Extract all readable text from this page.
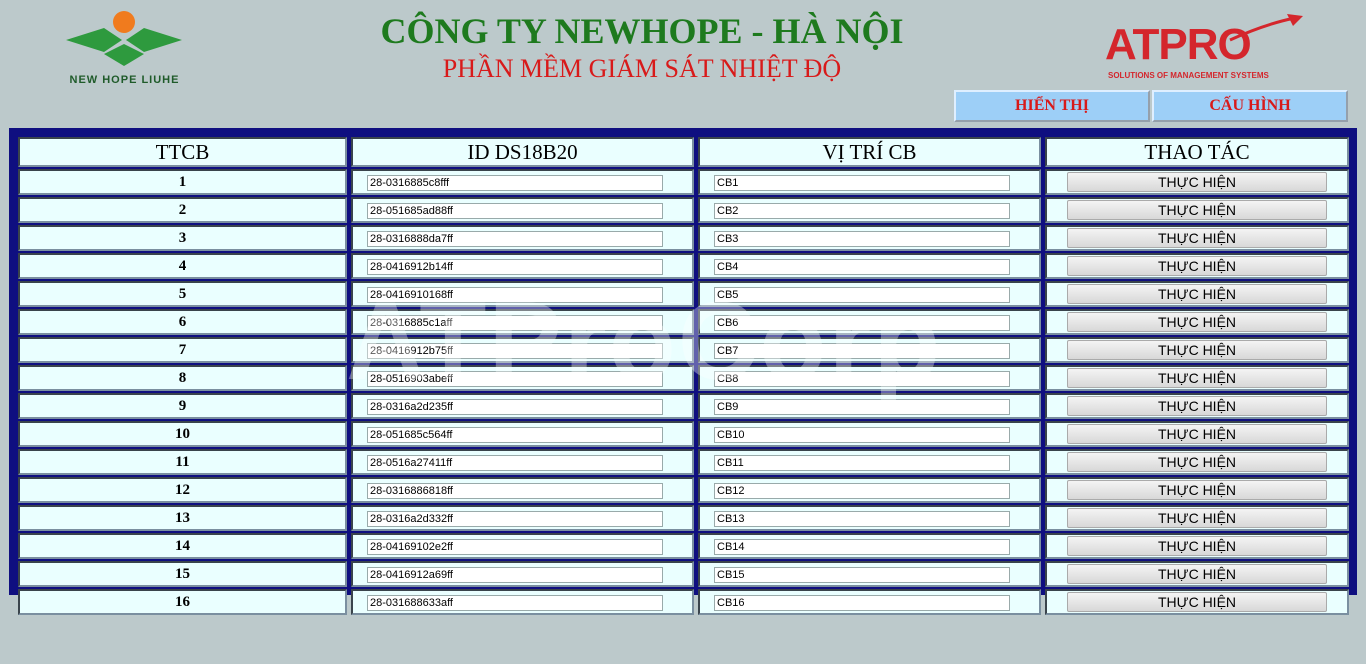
NEW HOPE LIUHE
CÔNG TY NEWHOPE - HÀ NỘI
PHẦN MỀM GIÁM SÁT NHIỆT ĐỘ	ATPRO
SOLUTIONS OF MANAGEMENT SYSTEMS
HIỂN THỊ	CẤU HÌNH
TTCB	ID DS18B20	VỊ TRÍ CB	THAO TÁC
1	28-0316885c8fff	CB1	THỰC HIỆN
2	28-051685ad88ff	CB2	THỰC HIỆN
3	28-0316888da7ff	CB3	THỰC HIỆN
4	28-0416912b14ff	CB4	THỰC HIỆN
5	28-0416910168ff	CB5	THỰC HIỆN
6	28-0316885c1aff	CB6	THỰC HIỆN
7	28-0416912b75ff	CB7	THỰC HIỆN
8	28-0516903abeff	CB8	THỰC HIỆN
9	28-0316a2d235ff	CB9	THỰC HIỆN
10	28-051685c564ff	CB10	THỰC HIỆN
11	28-0516a27411ff	CB11	THỰC HIỆN
12	28-0316886818ff	CB12	THỰC HIỆN
13	28-0316a2d332ff	CB13	THỰC HIỆN
14	28-04169102e2ff	CB14	THỰC HIỆN
15	28-0416912a69ff	CB15	THỰC HIỆN
16	28-031688633aff	CB16	THỰC HIỆN
ATProCorp
